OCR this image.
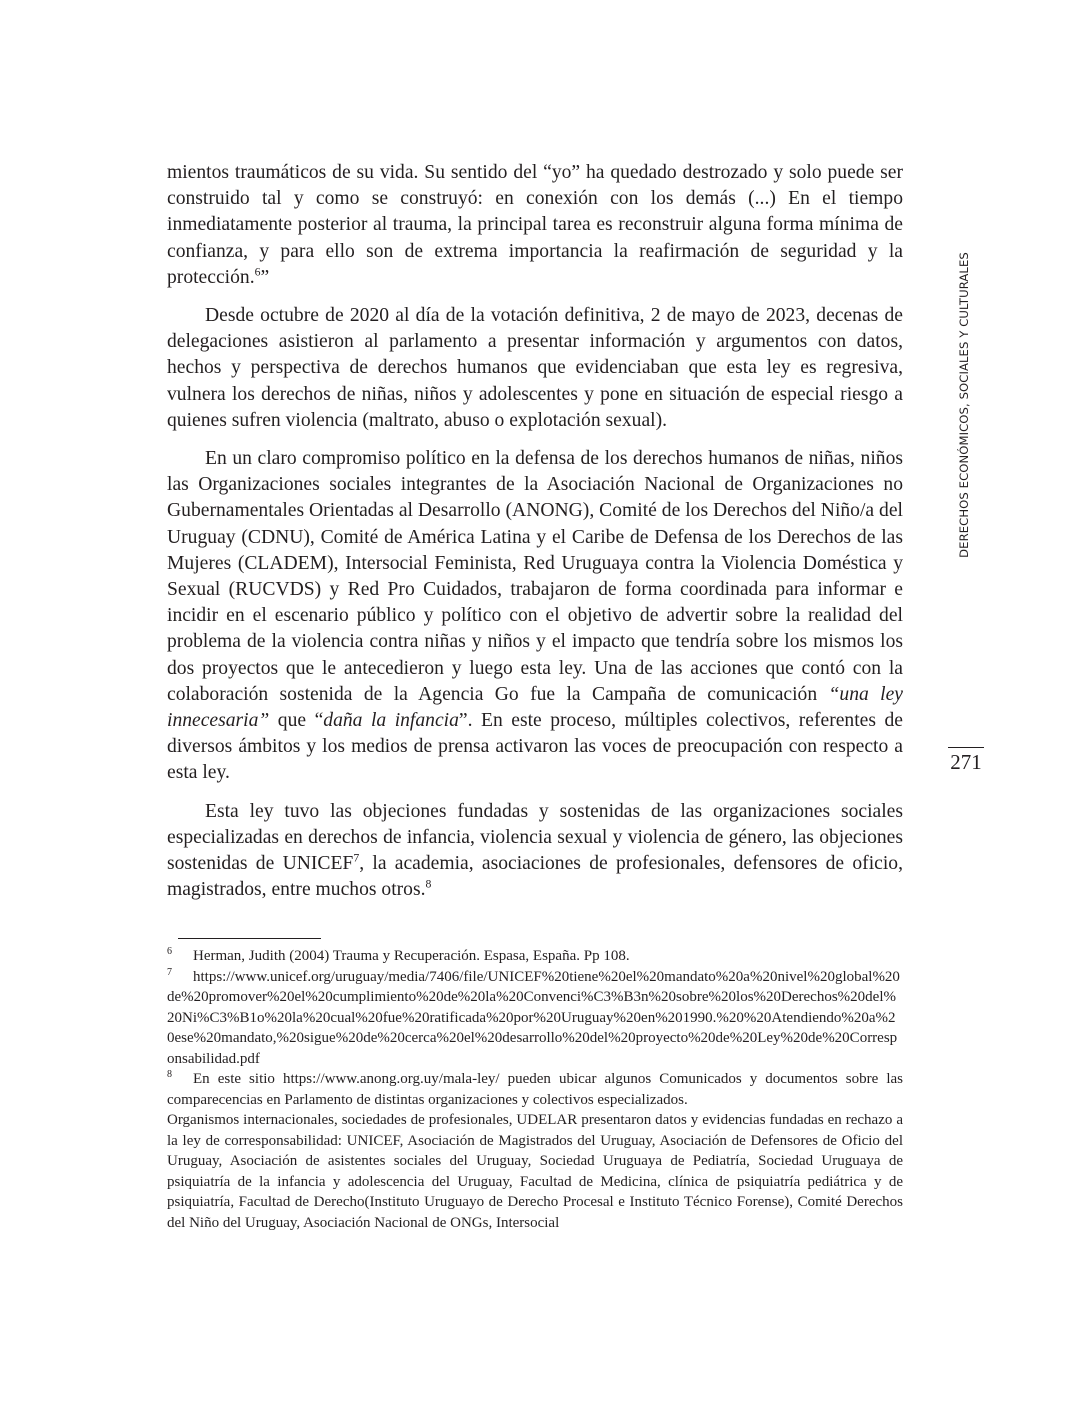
mientos traumáticos de su vida. Su sentido del “yo” ha quedado destrozado y solo puede ser construido tal y como se construyó: en conexión con los demás (...) En el tiempo inmediatamente posterior al trauma, la principal tarea es reconstruir alguna forma mínima de confianza, y para ello son de extrema importancia la reafirmación de seguridad y la protección.$^6$”

Desde octubre de 2020 al día de la votación definitiva, 2 de mayo de 2023, decenas de delegaciones asistieron al parlamento a presentar información y argumentos con datos, hechos y perspectiva de derechos humanos que evidenciaban que esta ley es regresiva, vulnera los derechos de niñas, niños y adolescentes y pone en situación de especial riesgo a quienes sufren violencia (maltrato, abuso o explotación sexual).

En un claro compromiso político en la defensa de los derechos humanos de niñas, niños las Organizaciones sociales integrantes de la Asociación Nacional de Organizaciones no Gubernamentales Orientadas al Desarrollo (ANONG), Comité de los Derechos del Niño/a del Uruguay (CDNU), Comité de América Latina y el Caribe de Defensa de los Derechos de las Mujeres (CLADEM), Intersocial Feminista, Red Uruguaya contra la Violencia Doméstica y Sexual (RUCVDS) y Red Pro Cuidados, trabajaron de forma coordinada para informar e incidir en el escenario público y político con el objetivo de advertir sobre la realidad del problema de la violencia contra niñas y niños y el impacto que tendría sobre los mismos los dos proyectos que le antecedieron y luego esta ley. Una de las acciones que contó con la colaboración sostenida de la Agencia Go fue la Campaña de comunicación “una ley innecesaria” que “daña la infancia”. En este proceso, múltiples colectivos, referentes de diversos ámbitos y los medios de prensa activaron las voces de preocupación con respecto a esta ley.

Esta ley tuvo las objeciones fundadas y sostenidas de las organizaciones sociales especializadas en derechos de infancia, violencia sexual y violencia de género, las objeciones sostenidas de UNICEF$^7$, la academia, asociaciones de profesionales, defensores de oficio, magistrados, entre muchos otros.$^8$

6 Herman, Judith (2004) Trauma y Recuperación. Espasa, España. Pp 108.

7 https://www.unicef.org/uruguay/media/7406/file/UNICEF%20tiene%20el%20mandato%20a%20nivel%20global%20de%20promover%20el%20cumplimiento%20de%20la%20Convenci%C3%B3n%20sobre%20los%20Derechos%20del%20Ni%C3%B1o%20la%20cual%20fue%20ratificada%20por%20Uruguay%20en%201990.%20%20Atendiendo%20a%20ese%20mandato,%20sigue%20de%20cerca%20el%20desarrollo%20del%20proyecto%20de%20Ley%20de%20Corresponsabilidad.pdf

8 En este sitio https://www.anong.org.uy/mala-ley/ pueden ubicar algunos Comunicados y documentos sobre las comparecencias en Parlamento de distintas organizaciones y colectivos especializados.

Organismos internacionales, sociedades de profesionales, UDELAR presentaron datos y evidencias fundadas en rechazo a la ley de corresponsabilidad: UNICEF, Asociación de Magistrados del Uruguay, Asociación de Defensores de Oficio del Uruguay, Asociación de asistentes sociales del Uruguay, Sociedad Uruguaya de Pediatría, Sociedad Uruguaya de psiquiatría de la infancia y adolescencia del Uruguay, Facultad de Medicina, clínica de psiquiatría pediátrica y de psiquiatría, Facultad de Derecho(Instituto Uruguayo de Derecho Procesal e Instituto Técnico Forense), Comité Derechos del Niño del Uruguay, Asociación Nacional de ONGs, Intersocial

DERECHOS ECONÓMICOS, SOCIALES Y CULTURALES
271
